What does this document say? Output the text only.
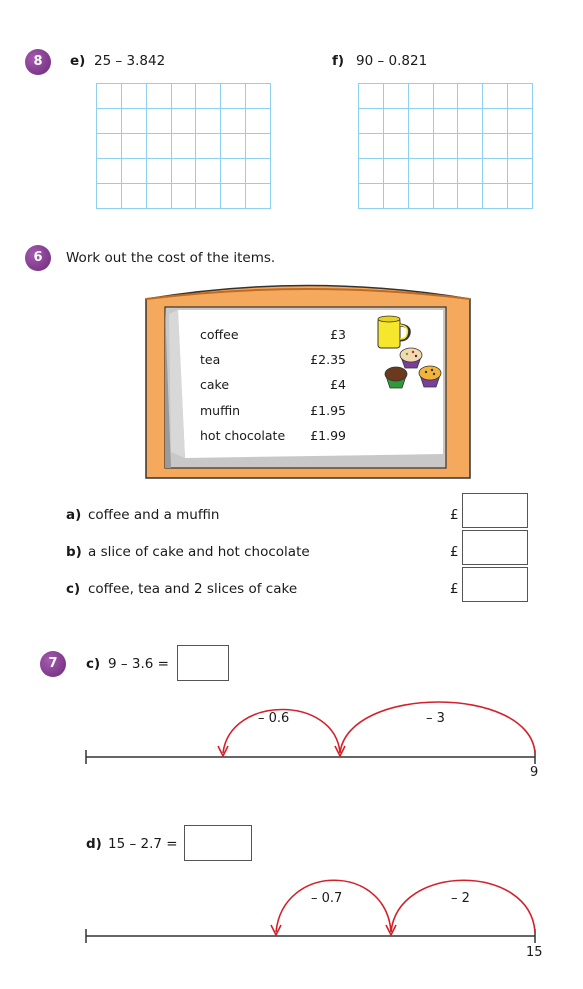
8	e) 25 – 3.842	f) 90 – 0.821
6	Work out the cost of the items.
coffee	£3
tea	£2.35
cake	£4
muffin	£1.95
hot chocolate	£1.99
a) coffee and a muffin	£
b) a slice of cake and hot chocolate	£
c) coffee, tea and 2 slices of cake	£
7	c) 9 – 3.6 =
– 0.6	– 3
9
d) 15 – 2.7 =
– 0.7	– 2
15
